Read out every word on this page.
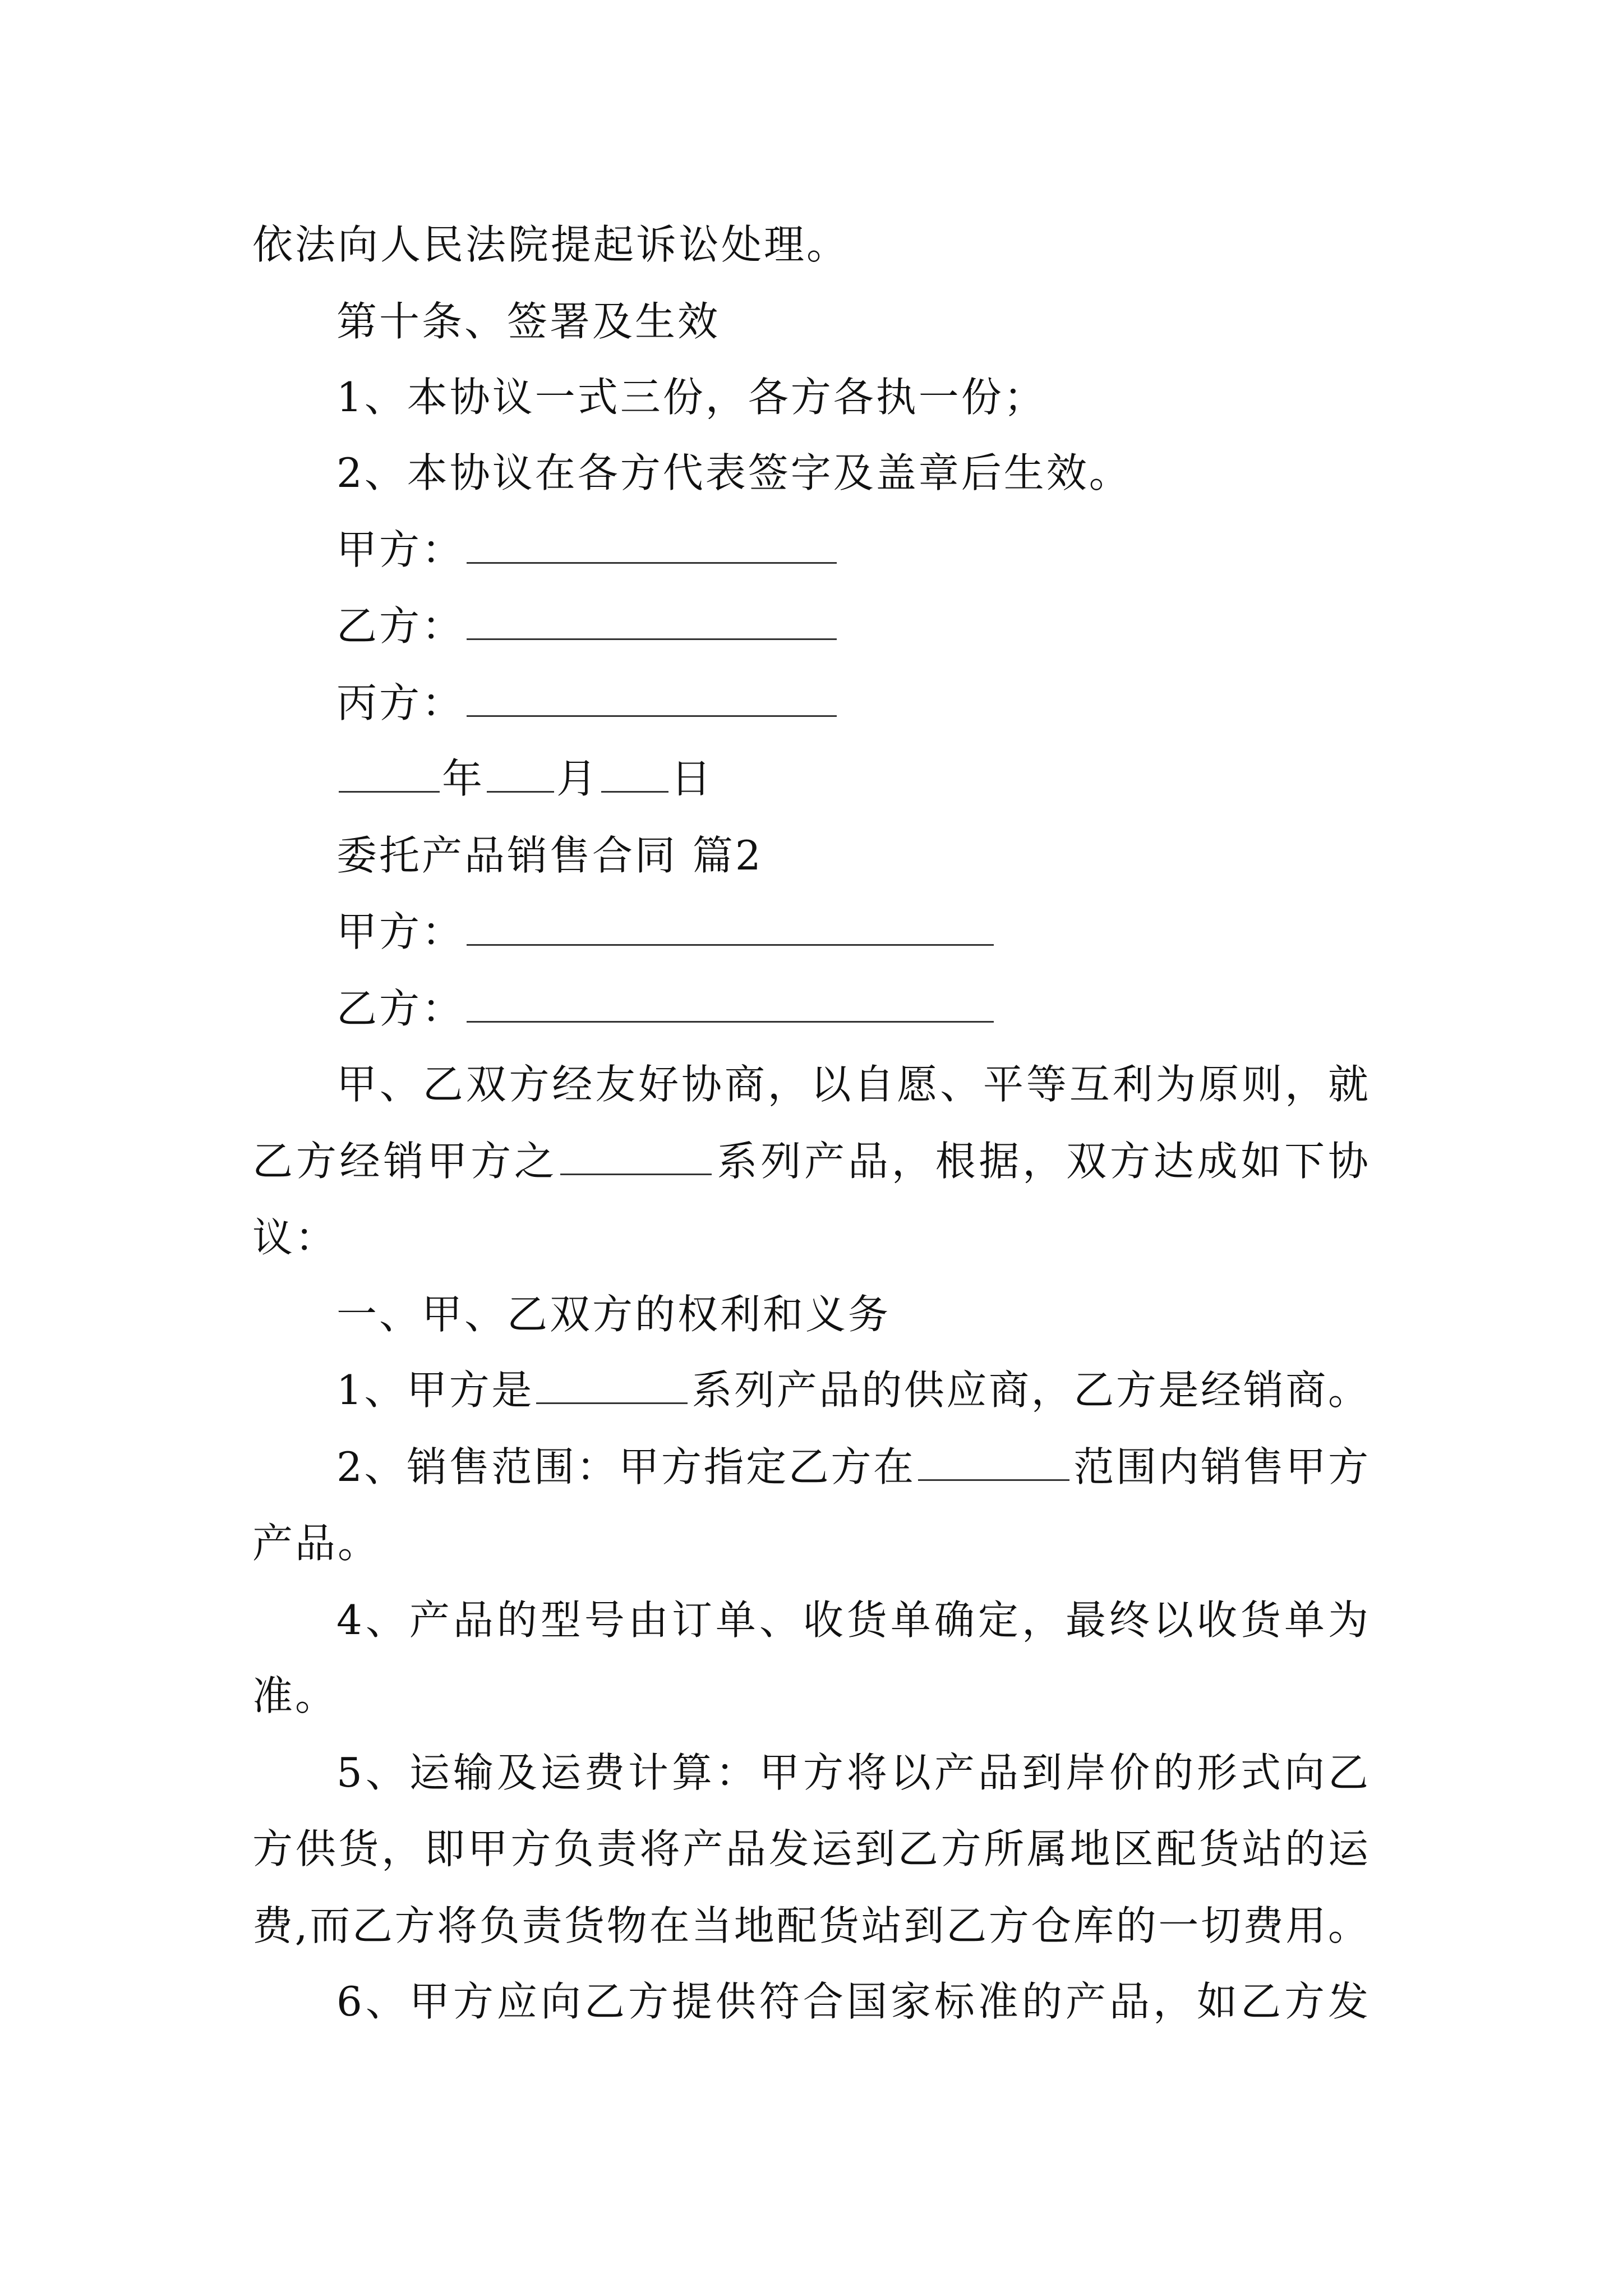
依法向人民法院提起诉讼处理。
第十条、签署及生效
1、本协议一式三份，各方各执一份；
2、本协议在各方代表签字及盖章后生效。
甲方：
乙方：
丙方：
年 月 日
委托产品销售合同 篇2
甲方：
乙方：
甲、乙双方经友好协商，以自愿、平等互利为原则，就
乙方经销甲方之	系列产品，根据，双方达成如下协
议：
一、甲、乙双方的权利和义务
1、甲方是	系列产品的供应商，乙方是经销商。
2、销售范围：甲方指定乙方在	范围内销售甲方
产品。
4、产品的型号由订单、收货单确定，最终以收货单为
准。
5、运输及运费计算：甲方将以产品到岸价的形式向乙
方供货，即甲方负责将产品发运到乙方所属地区配货站的运
费,而乙方将负责货物在当地配货站到乙方仓库的一切费用。
6、甲方应向乙方提供符合国家标准的产品，如乙方发
